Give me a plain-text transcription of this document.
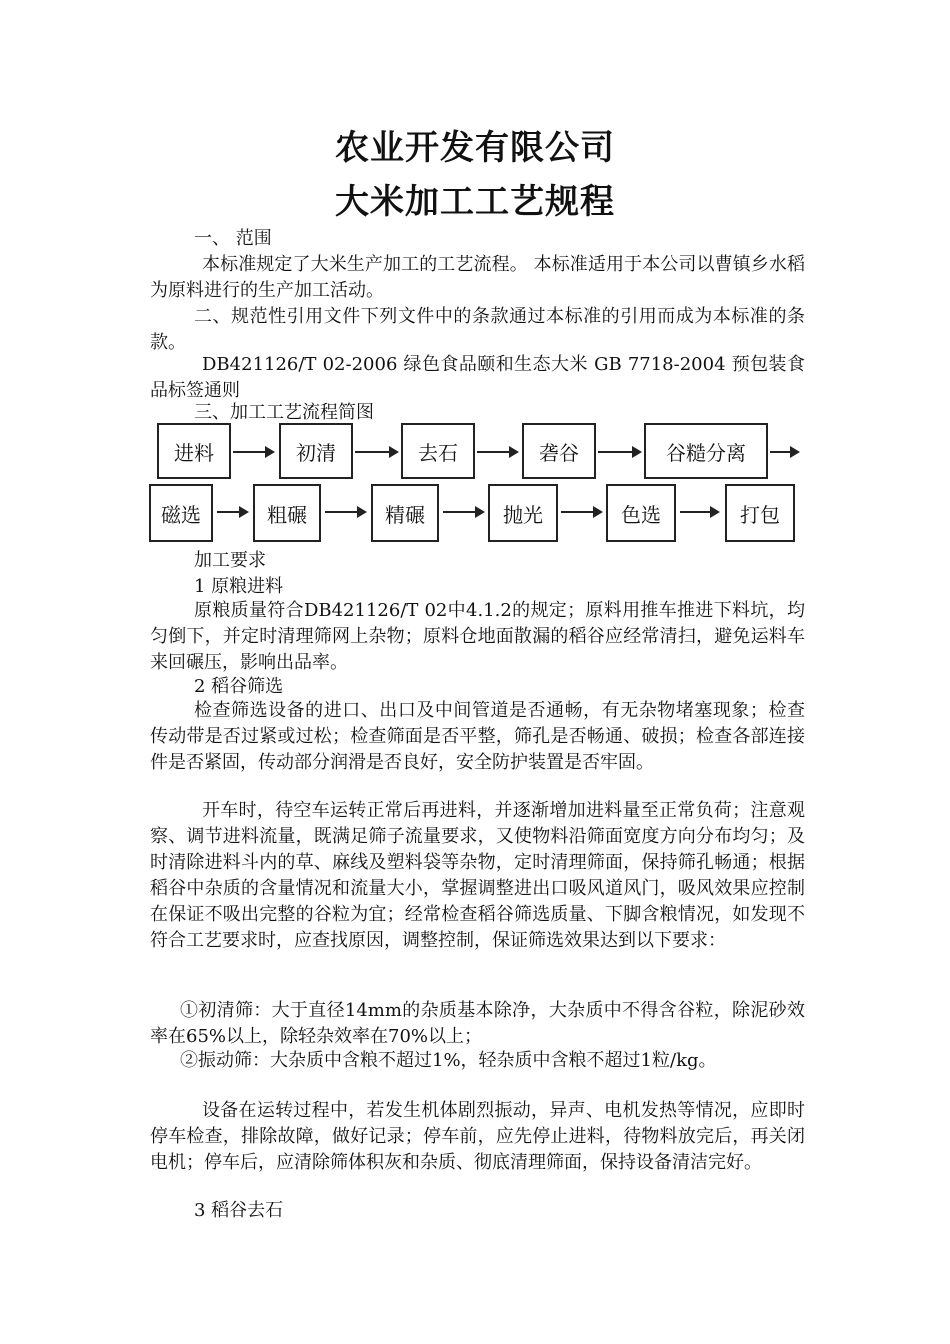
农业开发有限公司
大米加工工艺规程

一、 范围

本标准规定了大米生产加工的工艺流程。 本标准适用于本公司以曹镇乡水稻为原料进行的生产加工活动。

二、规范性引用文件下列文件中的条款通过本标准的引用而成为本标准的条款。

DB421126/T 02-2006 绿色食品颐和生态大米 GB 7718-2004 预包装食品标签通则

三、加工工艺流程简图

进料	初清	去石	砻谷	谷糙分离
磁选	粗碾	精碾	抛光	色选	打包

加工要求

1 原粮进料

原粮质量符合DB421126/T 02中4.1.2的规定；原料用推车推进下料坑，均匀倒下，并定时清理筛网上杂物；原料仓地面散漏的稻谷应经常清扫，避免运料车来回碾压，影响出品率。

2 稻谷筛选

检查筛选设备的进口、出口及中间管道是否通畅，有无杂物堵塞现象；检查传动带是否过紧或过松；检查筛面是否平整，筛孔是否畅通、破损；检查各部连接件是否紧固，传动部分润滑是否良好，安全防护装置是否牢固。

开车时，待空车运转正常后再进料，并逐渐增加进料量至正常负荷；注意观察、调节进料流量，既满足筛子流量要求，又使物料沿筛面宽度方向分布均匀；及时清除进料斗内的草、麻线及塑料袋等杂物，定时清理筛面，保持筛孔畅通；根据稻谷中杂质的含量情况和流量大小，掌握调整进出口吸风道风门，吸风效果应控制在保证不吸出完整的谷粒为宜；经常检查稻谷筛选质量、下脚含粮情况，如发现不符合工艺要求时，应查找原因，调整控制，保证筛选效果达到以下要求：

①初清筛：大于直径14mm的杂质基本除净，大杂质中不得含谷粒，除泥砂效率在65%以上，除轻杂效率在70%以上；

②振动筛：大杂质中含粮不超过1%，轻杂质中含粮不超过1粒/kg。

设备在运转过程中，若发生机体剧烈振动，异声、电机发热等情况，应即时停车检查，排除故障，做好记录；停车前，应先停止进料，待物料放完后，再关闭电机；停车后，应清除筛体积灰和杂质、彻底清理筛面，保持设备清洁完好。

3 稻谷去石
